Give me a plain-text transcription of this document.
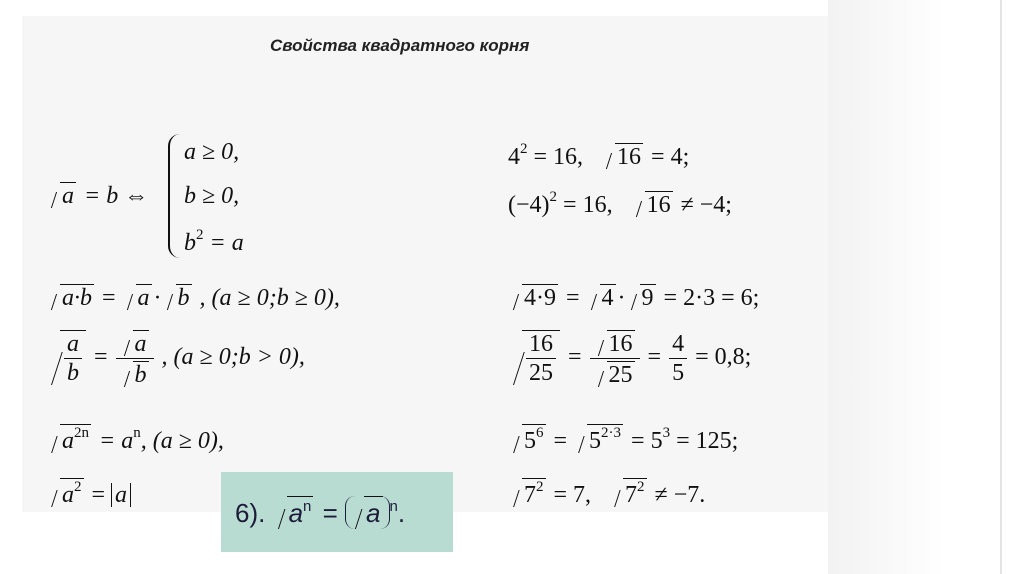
Свойства квадратного корня
a = b ⇔
a ≥ 0,
b ≥ 0,
$b^2 = a$
a·b = a · b , (a ≥ 0;b ≥ 0),
$\frac{a}{b} = \frac{a}{b}$ , (a ≥ 0;b > 0),
$a^{2n} = a^n$, (a ≥ 0),
$a^2 = a$
$4^2 = 16$, 16 = 4;
$(-4)^2 = 16$, 16 ≠ −4;
4·9 = 4 · 9 = 2·3 = 6;
$\frac{16}{25} = \frac{16}{25} = \frac{4}{5} = 0,8$;
$5^6 = 5^{2\cdot 3} = 5^3 = 125$;
$7^2 = 7$, $7^2 \ne -7$.
6). $a^n = a$ $^n$.
